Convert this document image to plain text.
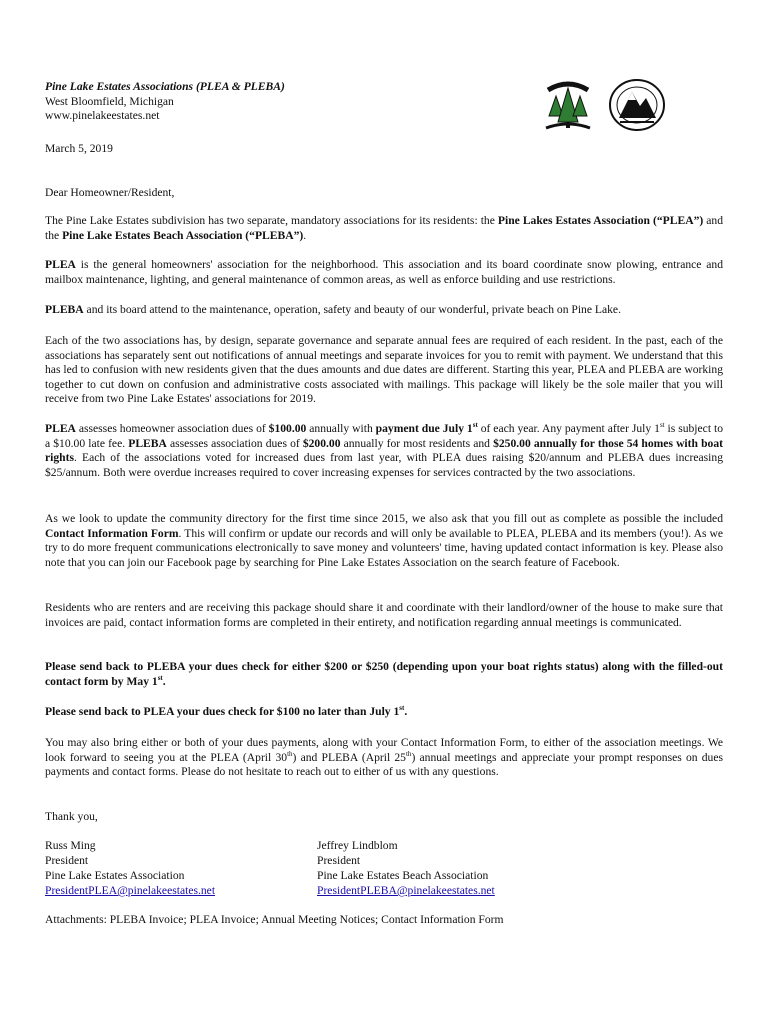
Pine Lake Estates Associations (PLEA & PLEBA)
West Bloomfield, Michigan
www.pinelakeestates.net
March 5, 2019
Dear Homeowner/Resident,
The Pine Lake Estates subdivision has two separate, mandatory associations for its residents: the Pine Lakes Estates Association (“PLEA”) and the Pine Lake Estates Beach Association (“PLEBA”).
PLEA is the general homeowners' association for the neighborhood. This association and its board coordinate snow plowing, entrance and mailbox maintenance, lighting, and general maintenance of common areas, as well as enforce building and use restrictions.
PLEBA and its board attend to the maintenance, operation, safety and beauty of our wonderful, private beach on Pine Lake.
Each of the two associations has, by design, separate governance and separate annual fees are required of each resident. In the past, each of the associations has separately sent out notifications of annual meetings and separate invoices for you to remit with payment. We understand that this has led to confusion with new residents given that the dues amounts and due dates are different. Starting this year, PLEA and PLEBA are working together to cut down on confusion and administrative costs associated with mailings. This package will likely be the sole mailer that you will receive from two Pine Lake Estates' associations for 2019.
PLEA assesses homeowner association dues of $100.00 annually with payment due July 1st of each year. Any payment after July 1st is subject to a $10.00 late fee. PLEBA assesses association dues of $200.00 annually for most residents and $250.00 annually for those 54 homes with boat rights. Each of the associations voted for increased dues from last year, with PLEA dues raising $20/annum and PLEBA dues increasing $25/annum. Both were overdue increases required to cover increasing expenses for services contracted by the two associations.
As we look to update the community directory for the first time since 2015, we also ask that you fill out as complete as possible the included Contact Information Form. This will confirm or update our records and will only be available to PLEA, PLEBA and its members (you!). As we try to do more frequent communications electronically to save money and volunteers' time, having updated contact information is key. Please also note that you can join our Facebook page by searching for Pine Lake Estates Association on the search feature of Facebook.
Residents who are renters and are receiving this package should share it and coordinate with their landlord/owner of the house to make sure that invoices are paid, contact information forms are completed in their entirety, and notification regarding annual meetings is communicated.
Please send back to PLEBA your dues check for either $200 or $250 (depending upon your boat rights status) along with the filled-out contact form by May 1st.
Please send back to PLEA your dues check for $100 no later than July 1st.
You may also bring either or both of your dues payments, along with your Contact Information Form, to either of the association meetings. We look forward to seeing you at the PLEA (April 30th) and PLEBA (April 25th) annual meetings and appreciate your prompt responses on dues payments and contact forms. Please do not hesitate to reach out to either of us with any questions.
Thank you,
Russ Ming
President
Pine Lake Estates Association
PresidentPLEA@pinelakeestates.net
Jeffrey Lindblom
President
Pine Lake Estates Beach Association
PresidentPLEBA@pinelakeestates.net
Attachments: PLEBA Invoice; PLEA Invoice; Annual Meeting Notices; Contact Information Form
